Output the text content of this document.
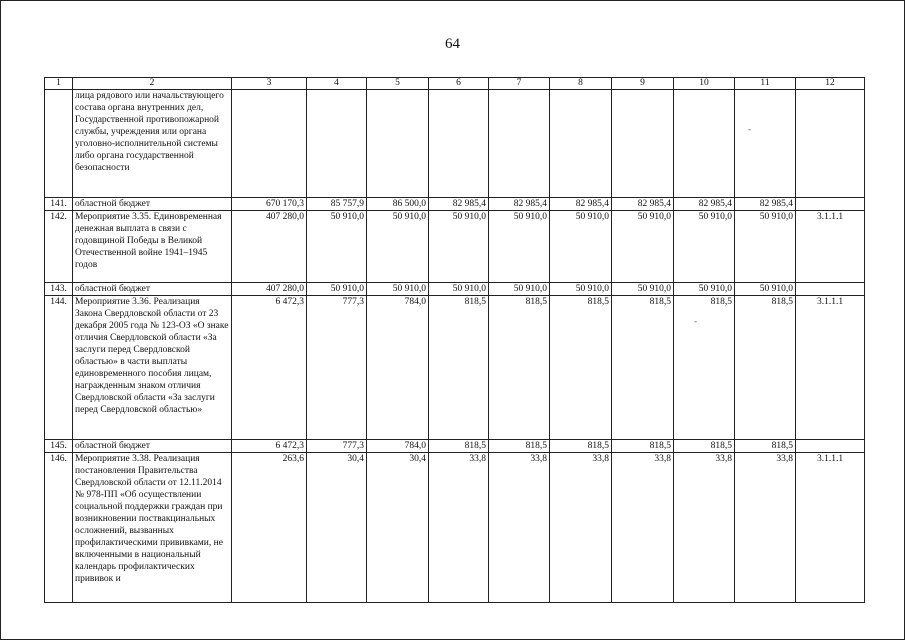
64
1	2	3	4	5	6	7	8	9	10	11	12
	лица рядового или начальствующего состава органа внутренних дел, Государственной противопожарной службы, учреждения или органа уголовно-исполнительной системы либо органа государственной безопасности										
141.	областной бюджет	670 170,3	85 757,9	86 500,0	82 985,4	82 985,4	82 985,4	82 985,4	82 985,4	82 985,4	
142.	Мероприятие 3.35. Единовременная денежная выплата в связи с годовщиной Победы в Великой Отечественной войне 1941–1945 годов	407 280,0	50 910,0	50 910,0	50 910,0	50 910,0	50 910,0	50 910,0	50 910,0	50 910,0	3.1.1.1
143.	областной бюджет	407 280,0	50 910,0	50 910,0	50 910,0	50 910,0	50 910,0	50 910,0	50 910,0	50 910,0	
144.	Мероприятие 3.36. Реализация Закона Свердловской области от 23 декабря 2005 года № 123-ОЗ «О знаке отличия Свердловской области «За заслуги перед Свердловской областью» в части выплаты единовременного пособия лицам, награжденным знаком отличия Свердловской области «За заслуги перед Свердловской областью»	6 472,3	777,3	784,0	818,5	818,5	818,5	818,5	818,5	818,5	3.1.1.1
145.	областной бюджет	6 472,3	777,3	784,0	818,5	818,5	818,5	818,5	818,5	818,5	
146.	Мероприятие 3.38. Реализация постановления Правительства Свердловской области от 12.11.2014 № 978-ПП «Об осуществлении социальной поддержки граждан при возникновении поствакцинальных осложнений, вызванных профилактическими прививками, не включенными в национальный календарь профилактических прививок и	263,6	30,4	30,4	33,8	33,8	33,8	33,8	33,8	33,8	3.1.1.1
-
-
